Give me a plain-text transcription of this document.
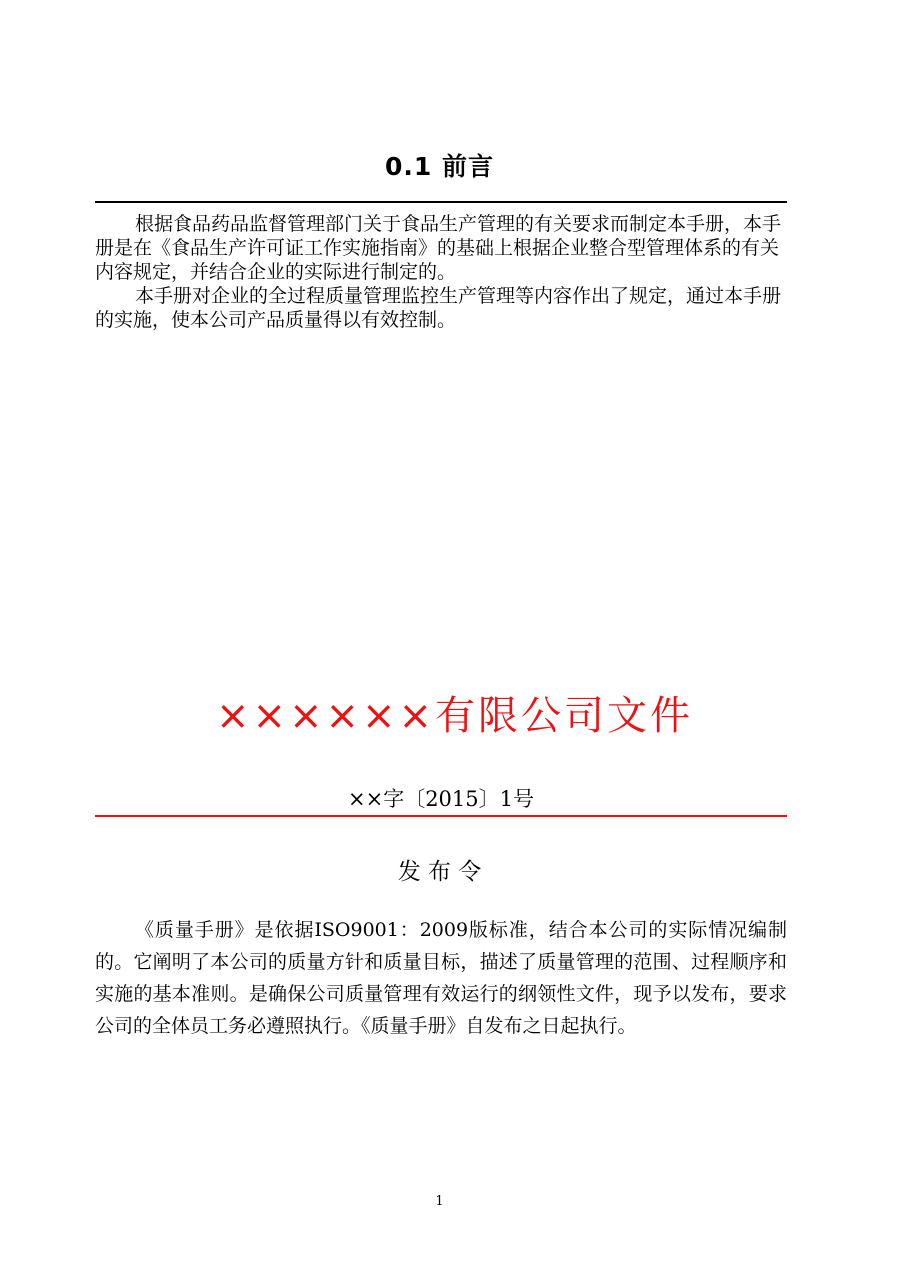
0.1 前言

根据食品药品监督管理部门关于食品生产管理的有关要求而制定本手册，本手册是在《食品生产许可证工作实施指南》的基础上根据企业整合型管理体系的有关内容规定，并结合企业的实际进行制定的。

本手册对企业的全过程质量管理监控生产管理等内容作出了规定，通过本手册的实施，使本公司产品质量得以有效控制。

××××××有限公司文件
××字〔2015〕1号
发 布 令
《质量手册》是依据ISO9001：2009版标准，结合本公司的实际情况编制的。它阐明了本公司的质量方针和质量目标，描述了质量管理的范围、过程顺序和实施的基本准则。是确保公司质量管理有效运行的纲领性文件，现予以发布，要求公司的全体员工务必遵照执行。《质量手册》自发布之日起执行。
1
